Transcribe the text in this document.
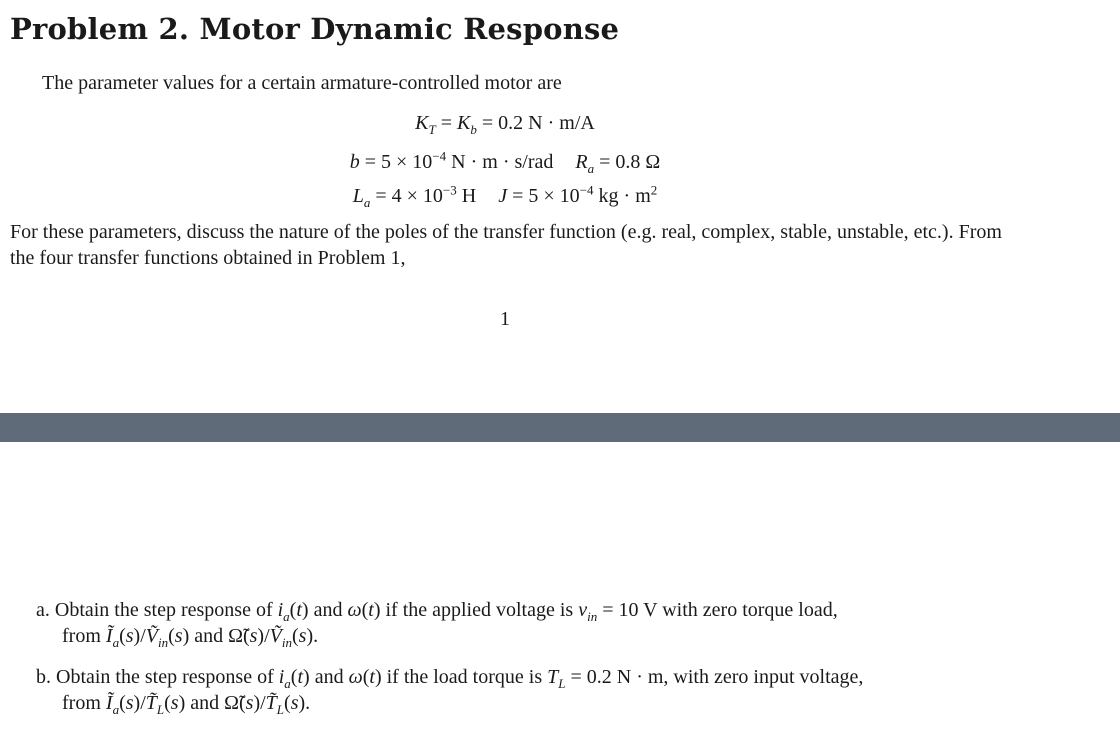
Problem 2. Motor Dynamic Response
The parameter values for a certain armature-controlled motor are
$K_T = K_b = 0.2$ N · m/A
$b = 5 \times 10^{-4}$ N · m · s/rad $R_a = 0.8$ Ω
$L_a = 4 \times 10^{-3}$ H $J = 5 \times 10^{-4}$ kg · $m^2$
For these parameters, discuss the nature of the poles of the transfer function (e.g. real, complex, stable, unstable, etc.). From the four transfer functions obtained in Problem 1,
1
a. Obtain the step response of $i_a(t)$ and ω(t) if the applied voltage is $v_{in} = 10$ V with zero torque load,
from $Ĩ_a(s)/Ṽ_{in}(s)$ and Ω̃(s)/Ṽ$_{in}$(s).
b. Obtain the step response of $i_a(t)$ and ω(t) if the load torque is $T_L = 0.2$ N · m, with zero input voltage,
from $Ĩ_a(s)/T̃_L(s)$ and $\Omegã(s)/T̃_L(s)$.
